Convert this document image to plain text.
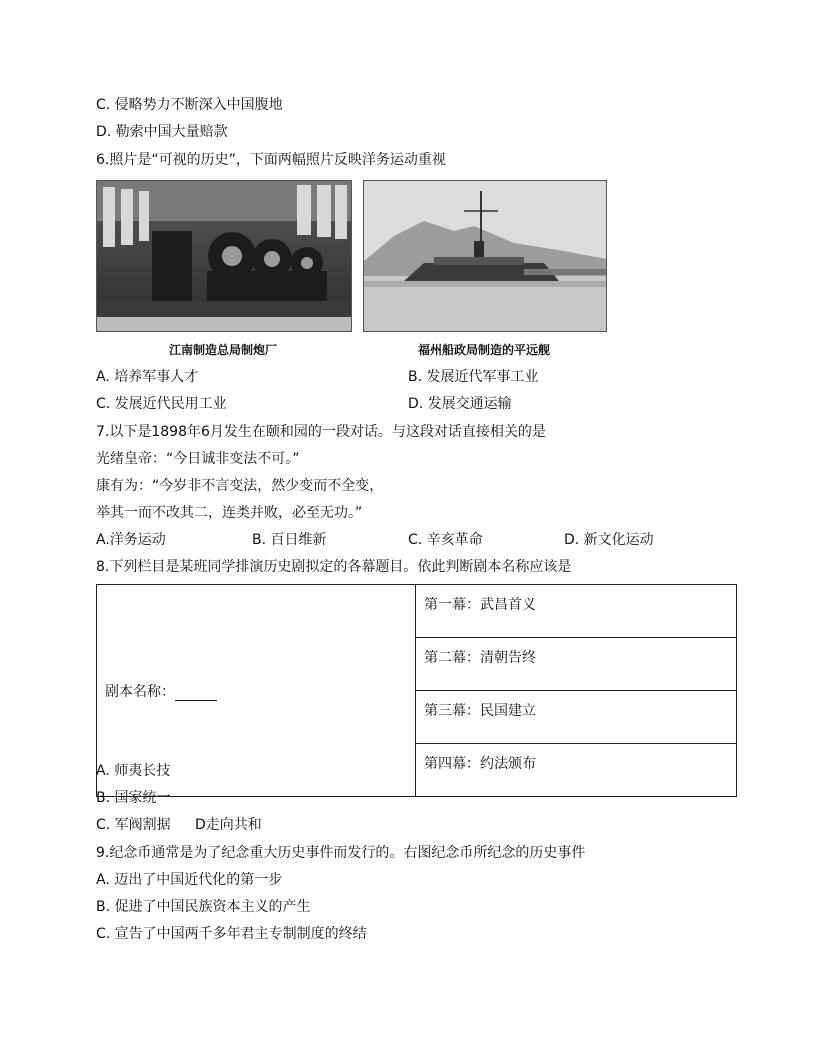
C. 侵略势力不断深入中国腹地
D. 勒索中国大量赔款
6.照片是“可视的历史”，下面两幅照片反映洋务运动重视
江南制造总局制炮厂	福州船政局制造的平远舰
A. 培养军事人才	B. 发展近代军事工业
C. 发展近代民用工业	D. 发展交通运输
7.以下是1898年6月发生在颐和园的一段对话。与这段对话直接相关的是
光绪皇帝：“今日诚非变法不可。”
康有为：“今岁非不言变法，然少变而不全变，
举其一而不改其二，连类并败，必至无功。”
A.洋务运动	B. 百日维新	C. 辛亥革命	D. 新文化运动
8.下列栏目是某班同学排演历史剧拟定的各幕题目。依此判断剧本名称应该是
剧本名称：	第一幕：武昌首义
第二幕：清朝告终
第三幕：民国建立
第四幕：约法颁布
A. 师夷长技
B. 国家统一
C. 军阀割据 D走向共和
9.纪念币通常是为了纪念重大历史事件而发行的。右图纪念币所纪念的历史事件
A. 迈出了中国近代化的第一步
B. 促进了中国民族资本主义的产生
C. 宣告了中国两千多年君主专制制度的终结
